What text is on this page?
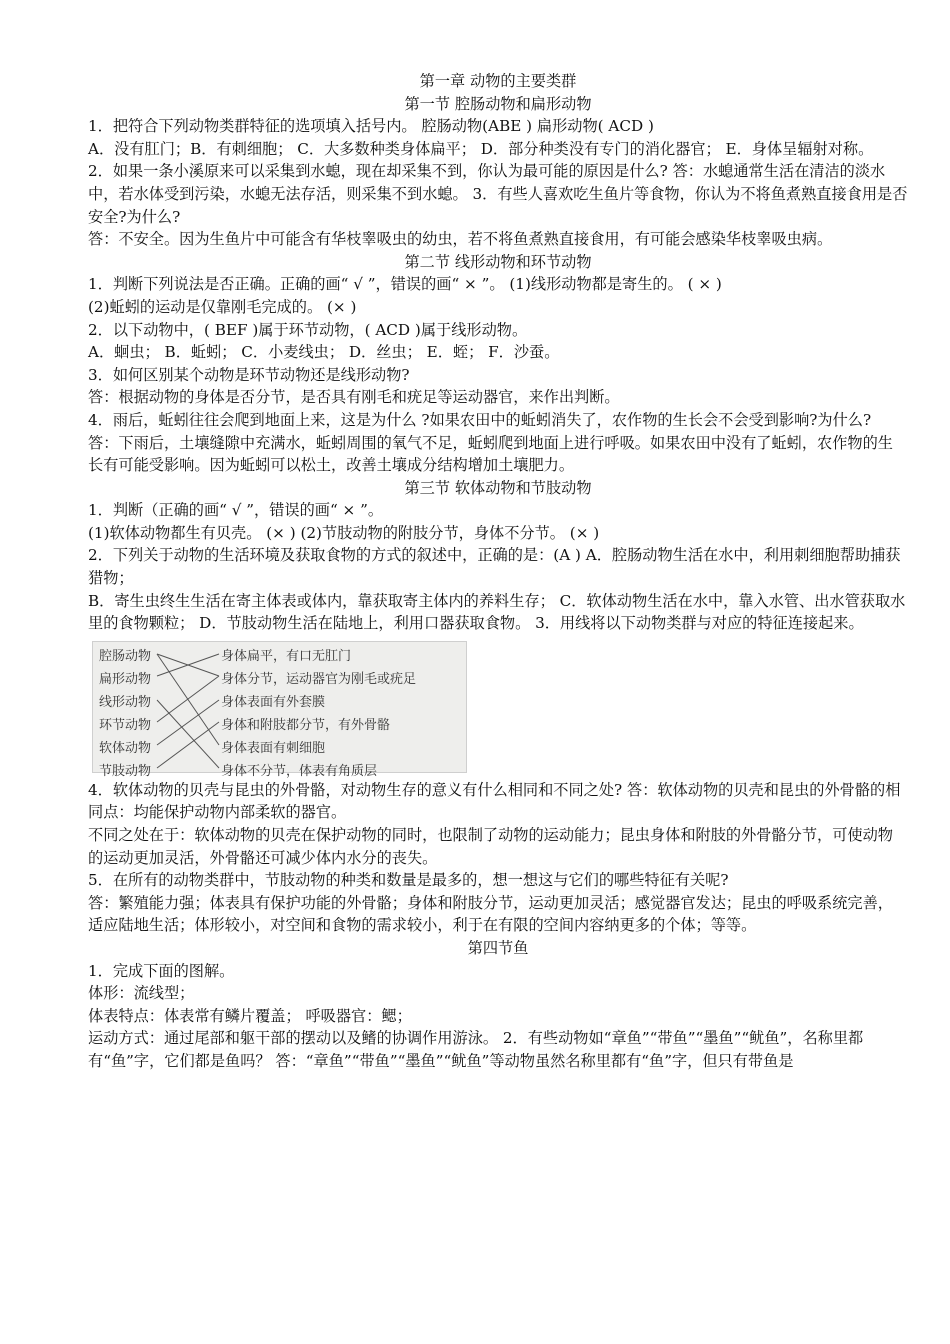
第一章 动物的主要类群

第一节 腔肠动物和扁形动物

1．把符合下列动物类群特征的选项填入括号内。 腔肠动物(ABE ) 扁形动物( ACD )

A．没有肛门；B．有刺细胞； C．大多数种类身体扁平； D．部分种类没有专门的消化器官； E．身体呈辐射对称。

2．如果一条小溪原来可以采集到水螅，现在却采集不到，你认为最可能的原因是什么? 答：水螅通常生活在清洁的淡水中，若水体受到污染，水螅无法存活，则采集不到水螅。 3．有些人喜欢吃生鱼片等食物，你认为不将鱼煮熟直接食用是否安全?为什么?

答：不安全。因为生鱼片中可能含有华枝睾吸虫的幼虫，若不将鱼煮熟直接食用，有可能会感染华枝睾吸虫病。

第二节 线形动物和环节动物

1．判断下列说法是否正确。正确的画“ √ ”，错误的画“ × ”。 (1)线形动物都是寄生的。 ( × )

(2)蚯蚓的运动是仅靠刚毛完成的。 (× )

2．以下动物中，( BEF )属于环节动物，( ACD )属于线形动物。

A．蛔虫； B．蚯蚓； C．小麦线虫； D．丝虫； E．蛭； F．沙蚕。

3．如何区别某个动物是环节动物还是线形动物?

答：根据动物的身体是否分节，是否具有刚毛和疣足等运动器官，来作出判断。

4．雨后，蚯蚓往往会爬到地面上来，这是为什么 ?如果农田中的蚯蚓消失了，农作物的生长会不会受到影响?为什么?

答：下雨后，土壤缝隙中充满水，蚯蚓周围的氧气不足，蚯蚓爬到地面上进行呼吸。如果农田中没有了蚯蚓，农作物的生长有可能受影响。因为蚯蚓可以松土，改善土壤成分结构增加土壤肥力。

第三节 软体动物和节肢动物

1．判断（正确的画“ √ ”，错误的画“ × ”。

(1)软体动物都生有贝壳。 (× ) (2)节肢动物的附肢分节，身体不分节。 (× )

2．下列关于动物的生活环境及获取食物的方式的叙述中，正确的是：(A ) A．腔肠动物生活在水中，利用刺细胞帮助捕获猎物；

B．寄生虫终生生活在寄主体表或体内，靠获取寄主体内的养料生存； C．软体动物生活在水中，靠入水管、出水管获取水里的食物颗粒； D．节肢动物生活在陆地上，利用口器获取食物。 3．用线将以下动物类群与对应的特征连接起来。

腔肠动物
扁形动物
线形动物
环节动物
软体动物
节肢动物
身体扁平，有口无肛门
身体分节，运动器官为刚毛或疣足
身体表面有外套膜
身体和附肢都分节，有外骨骼
身体表面有刺细胞
身体不分节，体表有角质层

4．软体动物的贝壳与昆虫的外骨骼，对动物生存的意义有什么相同和不同之处? 答：软体动物的贝壳和昆虫的外骨骼的相同点：均能保护动物内部柔软的器官。

不同之处在于：软体动物的贝壳在保护动物的同时，也限制了动物的运动能力；昆虫身体和附肢的外骨骼分节，可使动物的运动更加灵活，外骨骼还可减少体内水分的丧失。

5．在所有的动物类群中，节肢动物的种类和数量是最多的，想一想这与它们的哪些特征有关呢?

答：繁殖能力强；体表具有保护功能的外骨骼；身体和附肢分节，运动更加灵活；感觉器官发达；昆虫的呼吸系统完善，适应陆地生活；体形较小，对空间和食物的需求较小，利于在有限的空间内容纳更多的个体；等等。

第四节鱼

1．完成下面的图解。

体形：流线型；

体表特点：体表常有鳞片覆盖； 呼吸器官：鳃；

运动方式：通过尾部和躯干部的摆动以及鳍的协调作用游泳。 2．有些动物如“章鱼”“带鱼”“墨鱼”“鱿鱼”，名称里都有“鱼”字，它们都是鱼吗？ 答：“章鱼”“带鱼”“墨鱼”“鱿鱼”等动物虽然名称里都有“鱼”字，但只有带鱼是
